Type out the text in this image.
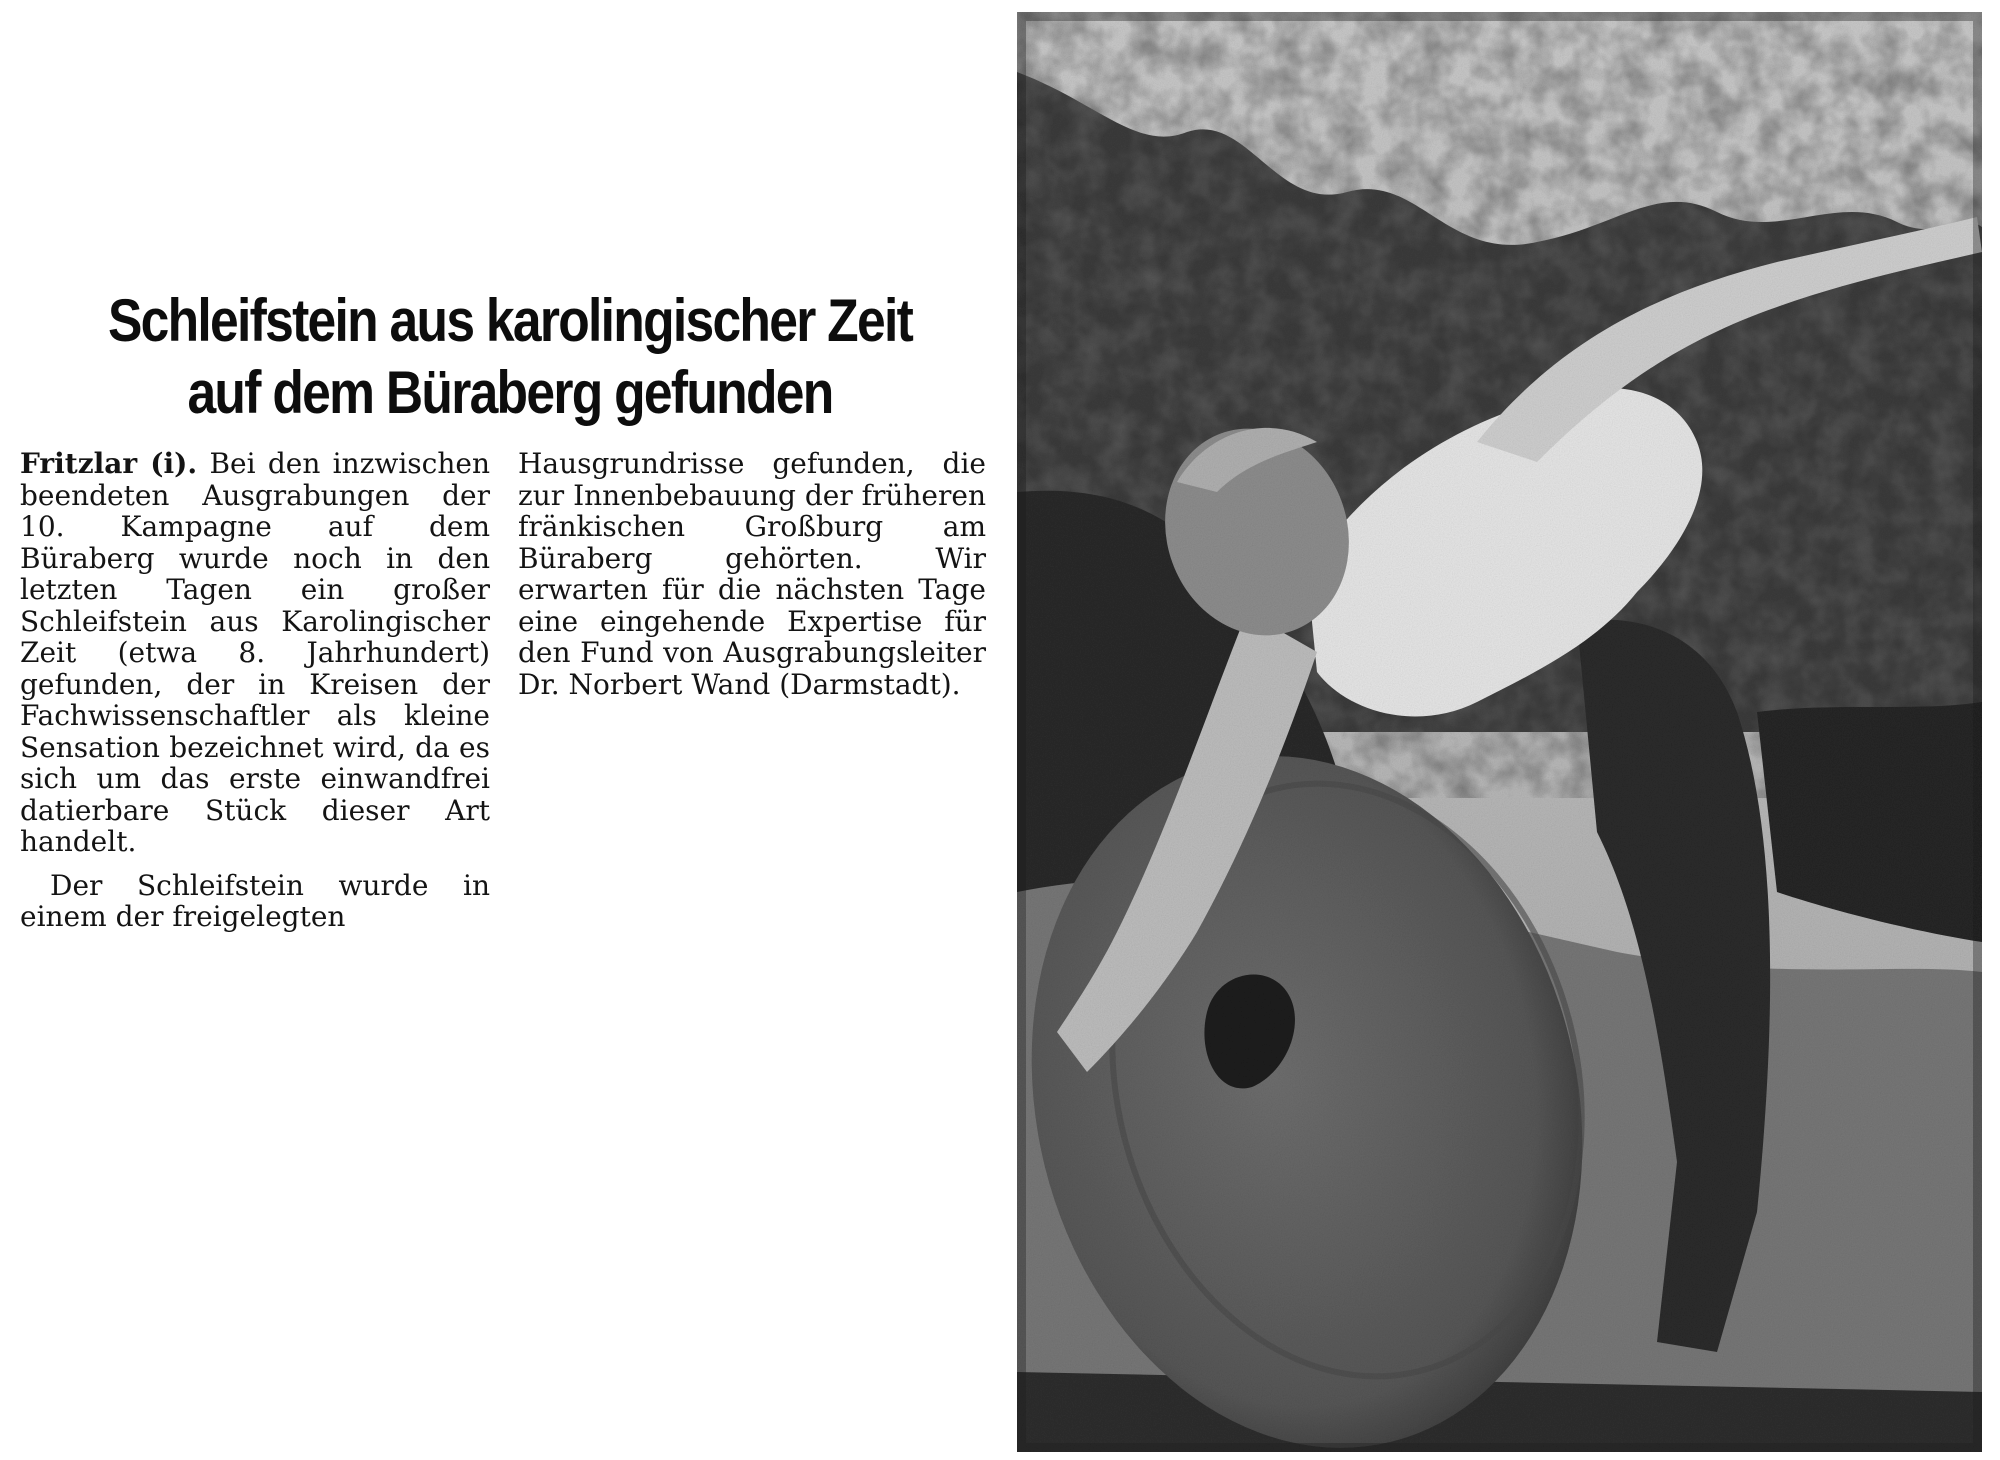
Schleifstein aus karolingischer Zeit
auf dem Büraberg gefunden

Fritzlar (i). Bei den inzwischen beendeten Ausgrabungen der 10. Kampagne auf dem Büraberg wurde noch in den letzten Tagen ein großer Schleifstein aus Karolingischer Zeit (etwa 8. Jahrhundert) gefunden, der in Kreisen der Fachwissenschaftler als kleine Sensation bezeichnet wird, da es sich um das erste einwandfrei datierbare Stück dieser Art handelt.

Der Schleifstein wurde in einem der freigelegten

Hausgrundrisse gefunden, die zur Innenbebauung der früheren fränkischen Großburg am Büraberg gehörten. Wir erwarten für die nächsten Tage eine eingehende Expertise für den Fund von Ausgrabungsleiter Dr. Norbert Wand (Darmstadt).
